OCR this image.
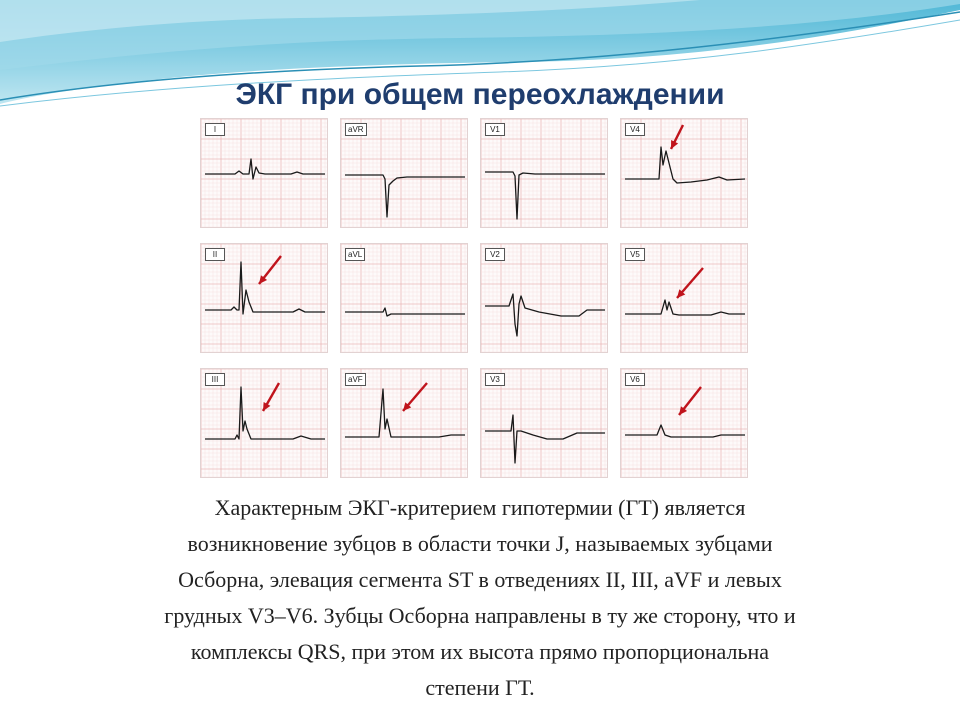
ЭКГ при общем переохлаждении
I	aVR	V1	V4
II	aVL	V2	V5
III	aVF	V3	V6
Характерным ЭКГ-критерием гипотермии (ГТ) является
возникновение зубцов в области точки J, называемых зубцами
Осборна, элевация сегмента ST в отведениях II, III, aVF и левых
грудных V3–V6. Зубцы Осборна направлены в ту же сторону, что и
комплексы QRS, при этом их высота прямо пропорциональна
степени ГТ.
